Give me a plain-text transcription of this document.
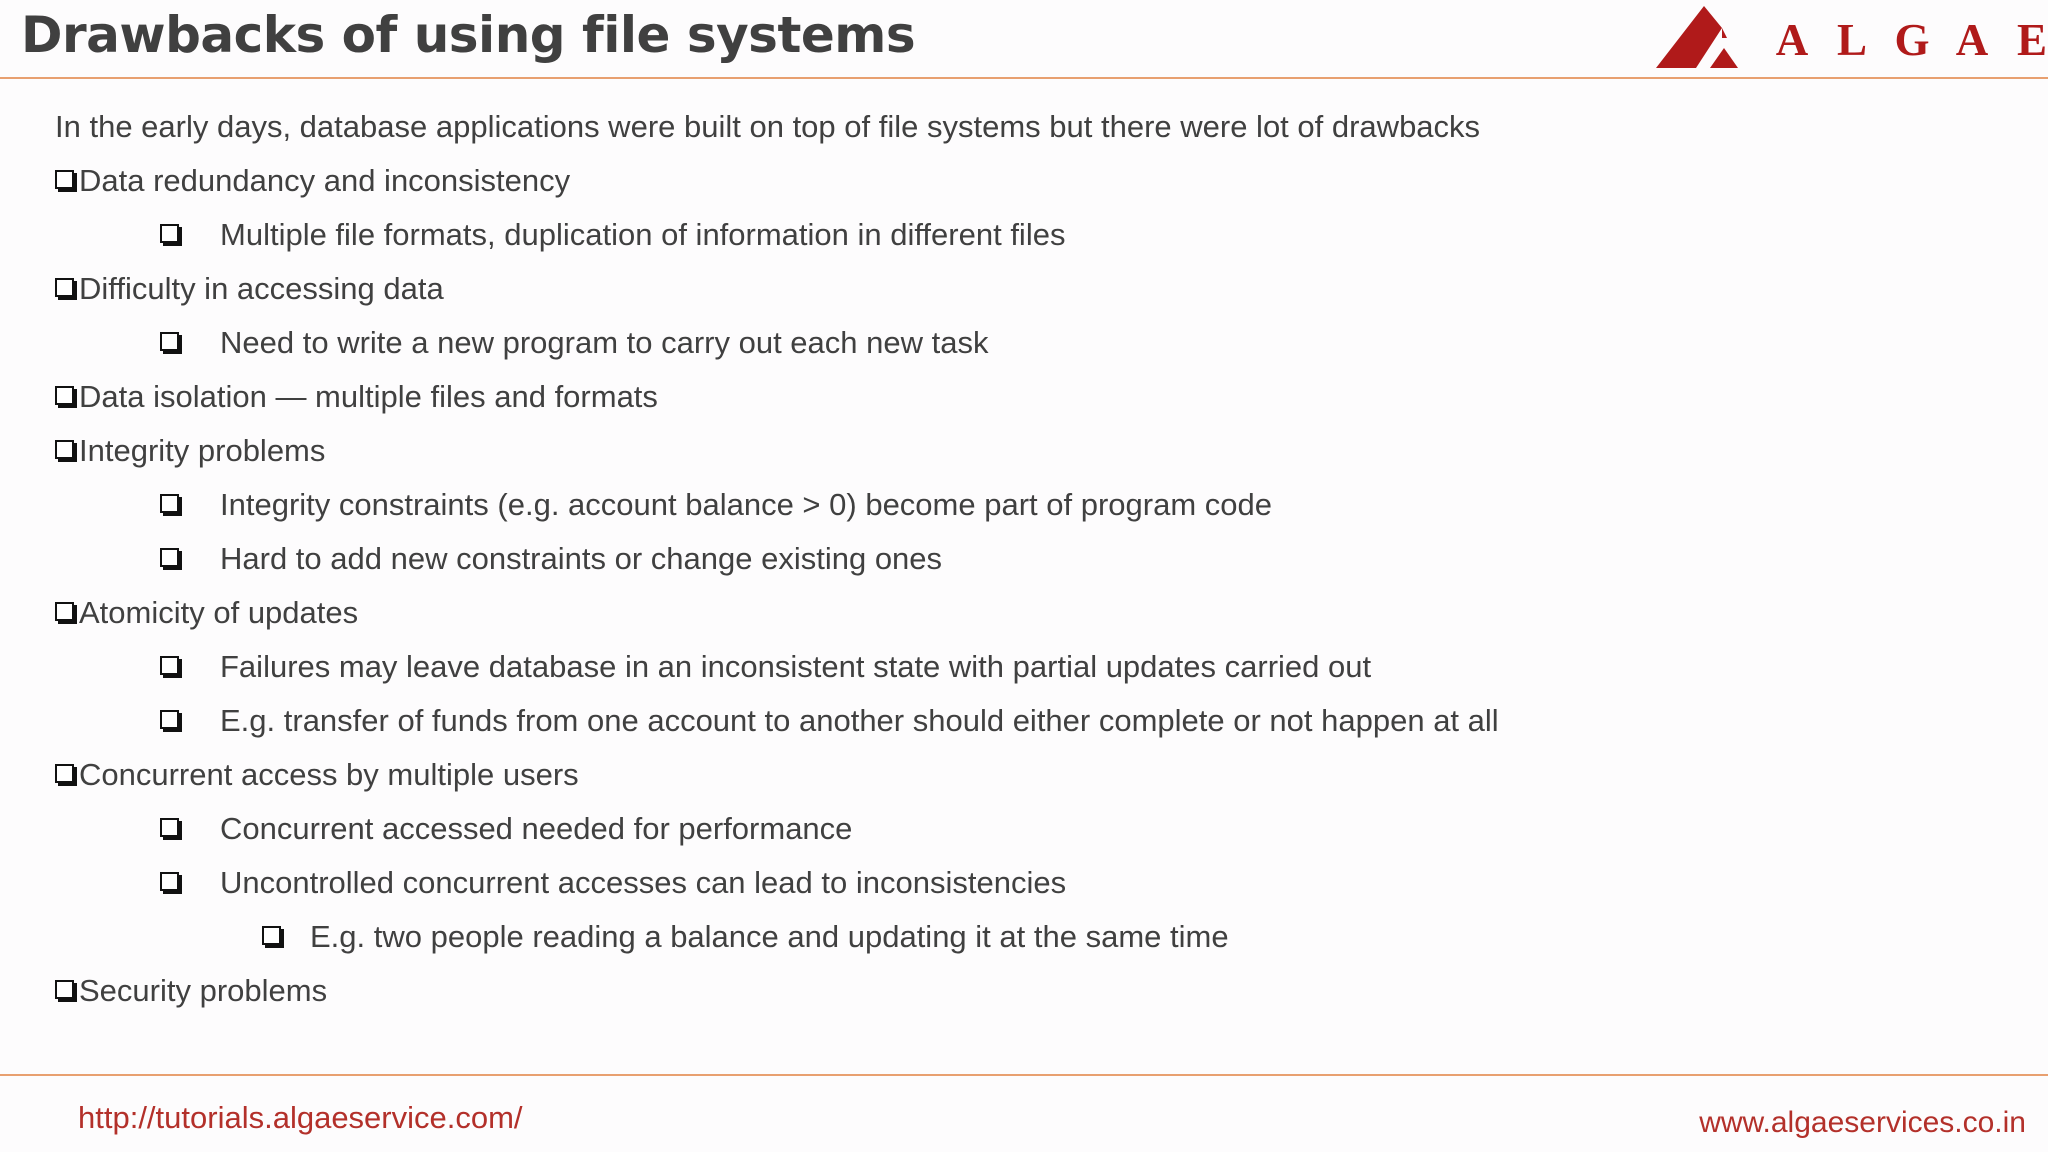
Drawbacks of using file systems	A L G A E
In the early days, database applications were built on top of file systems but there were lot of drawbacks
Data redundancy and inconsistency
Multiple file formats, duplication of information in different files
Difficulty in accessing data
Need to write a new program to carry out each new task
Data isolation — multiple files and formats
Integrity problems
Integrity constraints (e.g. account balance > 0) become part of program code
Hard to add new constraints or change existing ones
Atomicity of updates
Failures may leave database in an inconsistent state with partial updates carried out
E.g. transfer of funds from one account to another should either complete or not happen at all
Concurrent access by multiple users
Concurrent accessed needed for performance
Uncontrolled concurrent accesses can lead to inconsistencies
E.g. two people reading a balance and updating it at the same time
Security problems
http://tutorials.algaeservice.com/	www.algaeservices.co.in
